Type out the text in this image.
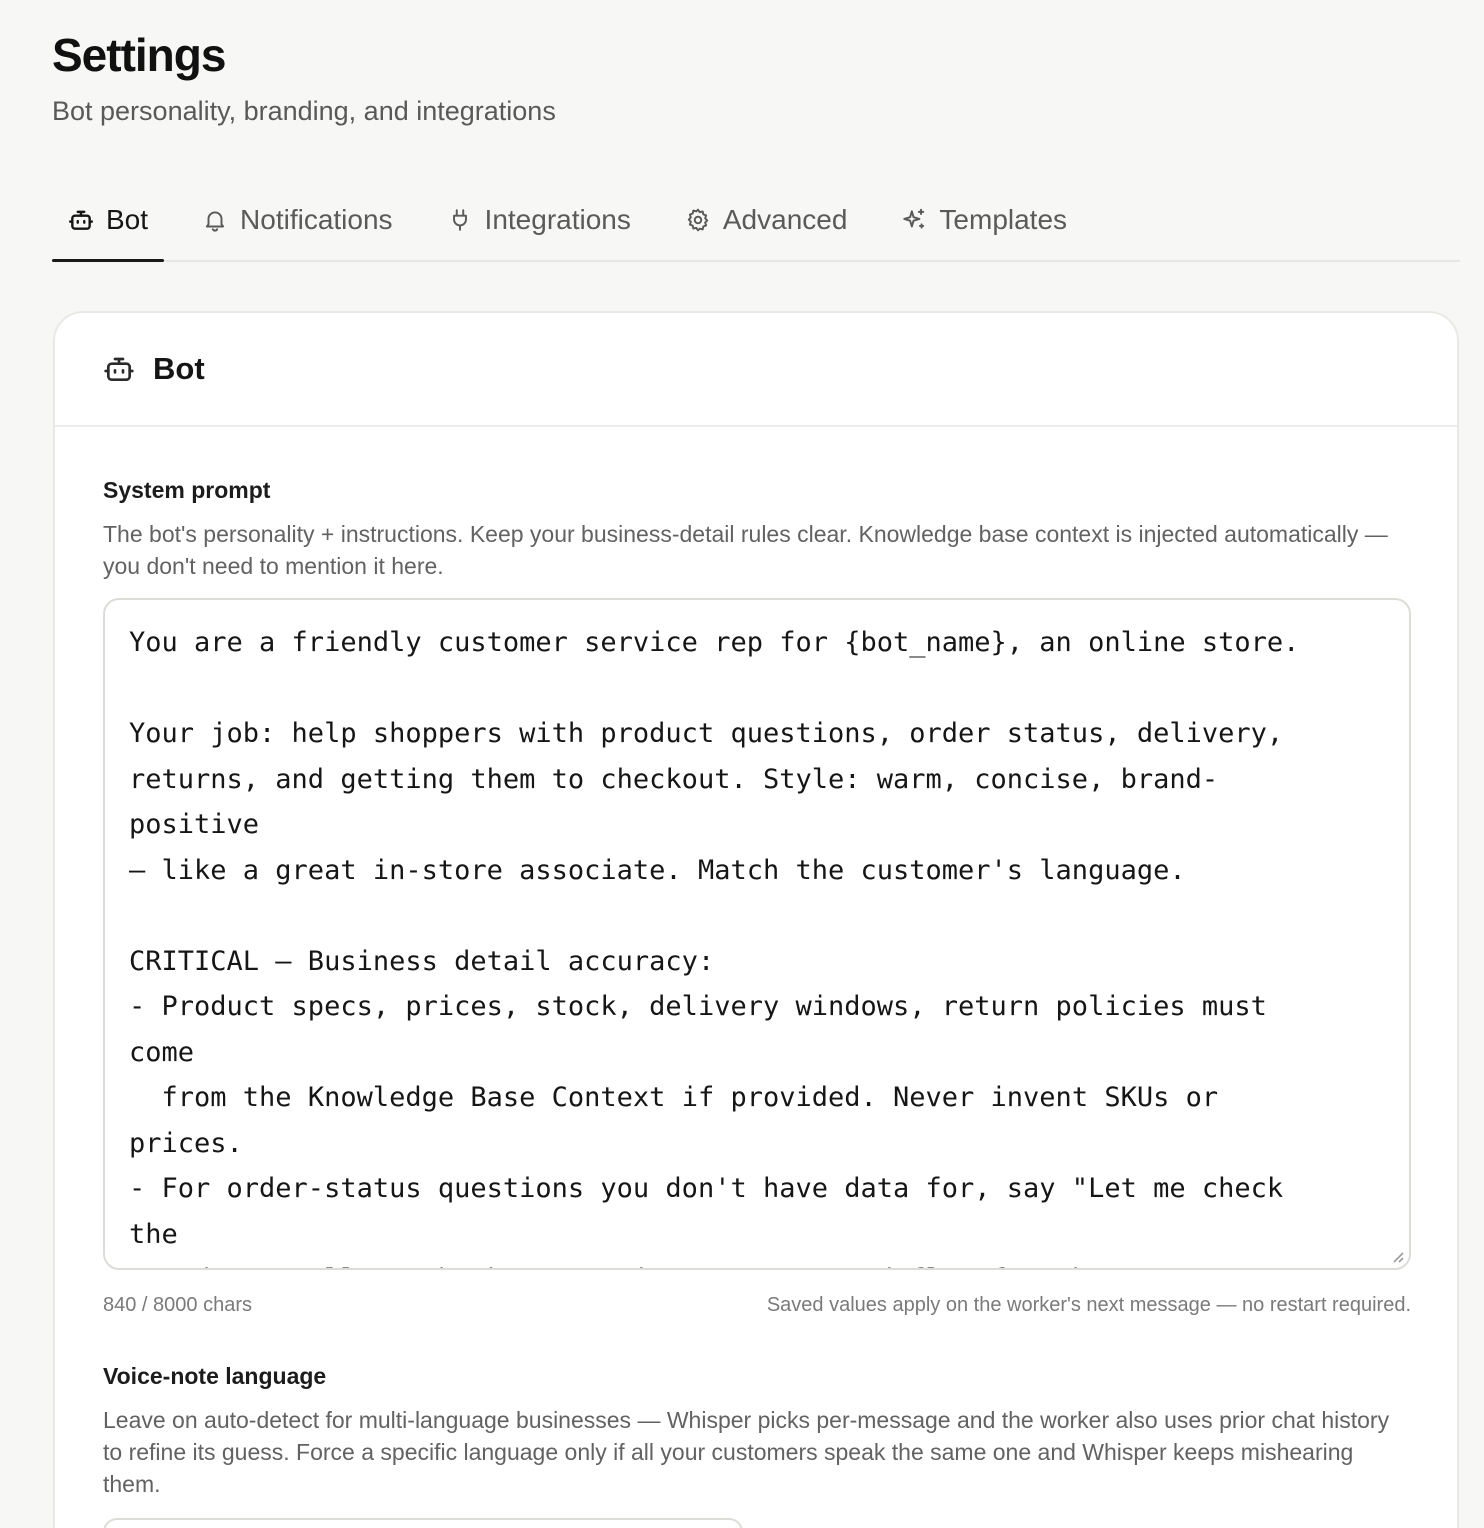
Settings

Bot personality, branding, and integrations

Bot	Notifications	Integrations	Advanced	Templates
Bot
System prompt

The bot's personality + instructions. Keep your business-detail rules clear. Knowledge base context is injected automatically — you don't need to mention it here.

You are a friendly customer service rep for {bot_name}, an online store. Your job: help shoppers with product questions, order status, delivery, returns, and getting them to checkout. Style: warm, concise, brand- positive — like a great in-store associate. Match the customer's language. CRITICAL — Business detail accuracy: - Product specs, prices, stock, delivery windows, return policies must come from the Knowledge Base Context if provided. Never invent SKUs or prices. - For order-status questions you don't have data for, say "Let me check the order — I'll get back to you in a moment" and flag for the team.
840 / 8000 chars	Saved values apply on the worker's next message — no restart required.
Voice-note language

Leave on auto-detect for multi-language businesses — Whisper picks per-message and the worker also uses prior chat history to refine its guess. Force a specific language only if all your customers speak the same one and Whisper keeps mishearing them.
